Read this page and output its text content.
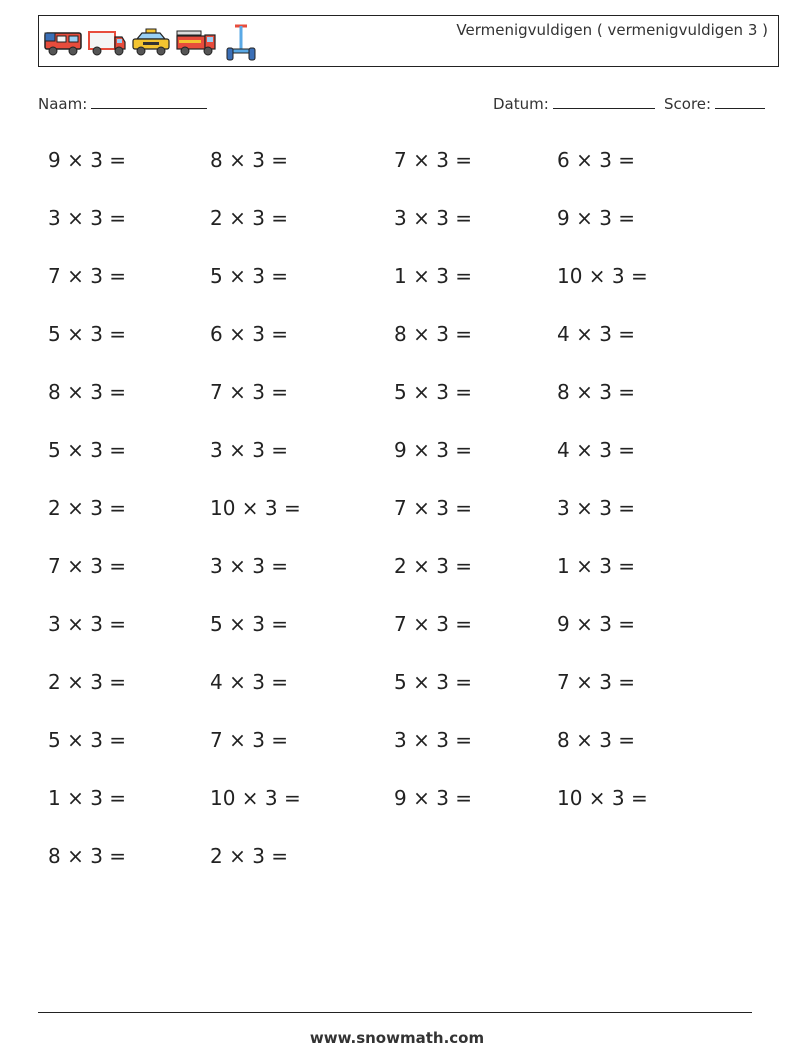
Vermenigvuldigen ( vermenigvuldigen 3 )
Naam:	Datum:	Score:
9 × 3 =	8 × 3 =	7 × 3 =	6 × 3 =
3 × 3 =	2 × 3 =	3 × 3 =	9 × 3 =
7 × 3 =	5 × 3 =	1 × 3 =	10 × 3 =
5 × 3 =	6 × 3 =	8 × 3 =	4 × 3 =
8 × 3 =	7 × 3 =	5 × 3 =	8 × 3 =
5 × 3 =	3 × 3 =	9 × 3 =	4 × 3 =
2 × 3 =	10 × 3 =	7 × 3 =	3 × 3 =
7 × 3 =	3 × 3 =	2 × 3 =	1 × 3 =
3 × 3 =	5 × 3 =	7 × 3 =	9 × 3 =
2 × 3 =	4 × 3 =	5 × 3 =	7 × 3 =
5 × 3 =	7 × 3 =	3 × 3 =	8 × 3 =
1 × 3 =	10 × 3 =	9 × 3 =	10 × 3 =
8 × 3 =	2 × 3 =
www.snowmath.com
